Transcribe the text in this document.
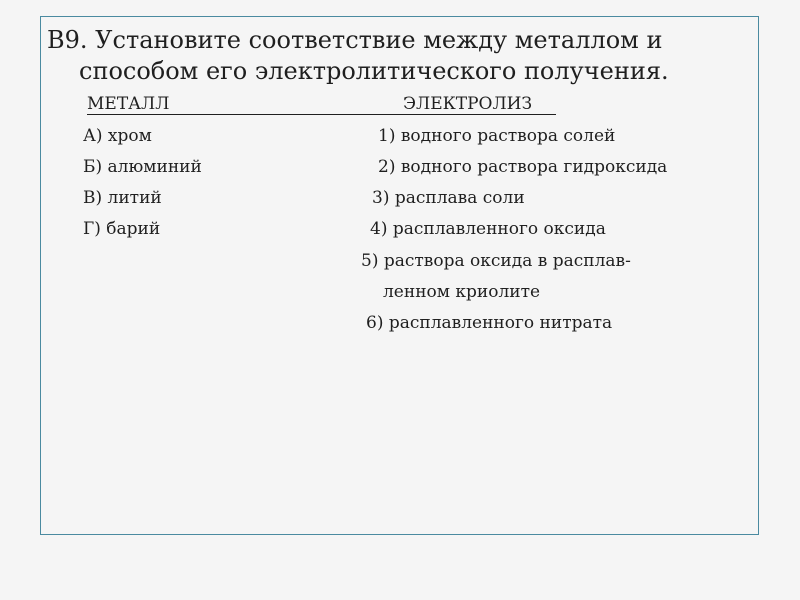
В9. Установите соответствие между металлом и
способом его электролитического получения.
МЕТАЛЛ	ЭЛЕКТРОЛИЗ
А) хром
Б) алюминий
В) литий
Г) барий
1) водного раствора солей
2) водного раствора гидроксида
3) расплава соли
4) расплавленного оксида
5) раствора оксида в расплав-
ленном криолите
6) расплавленного нитрата
